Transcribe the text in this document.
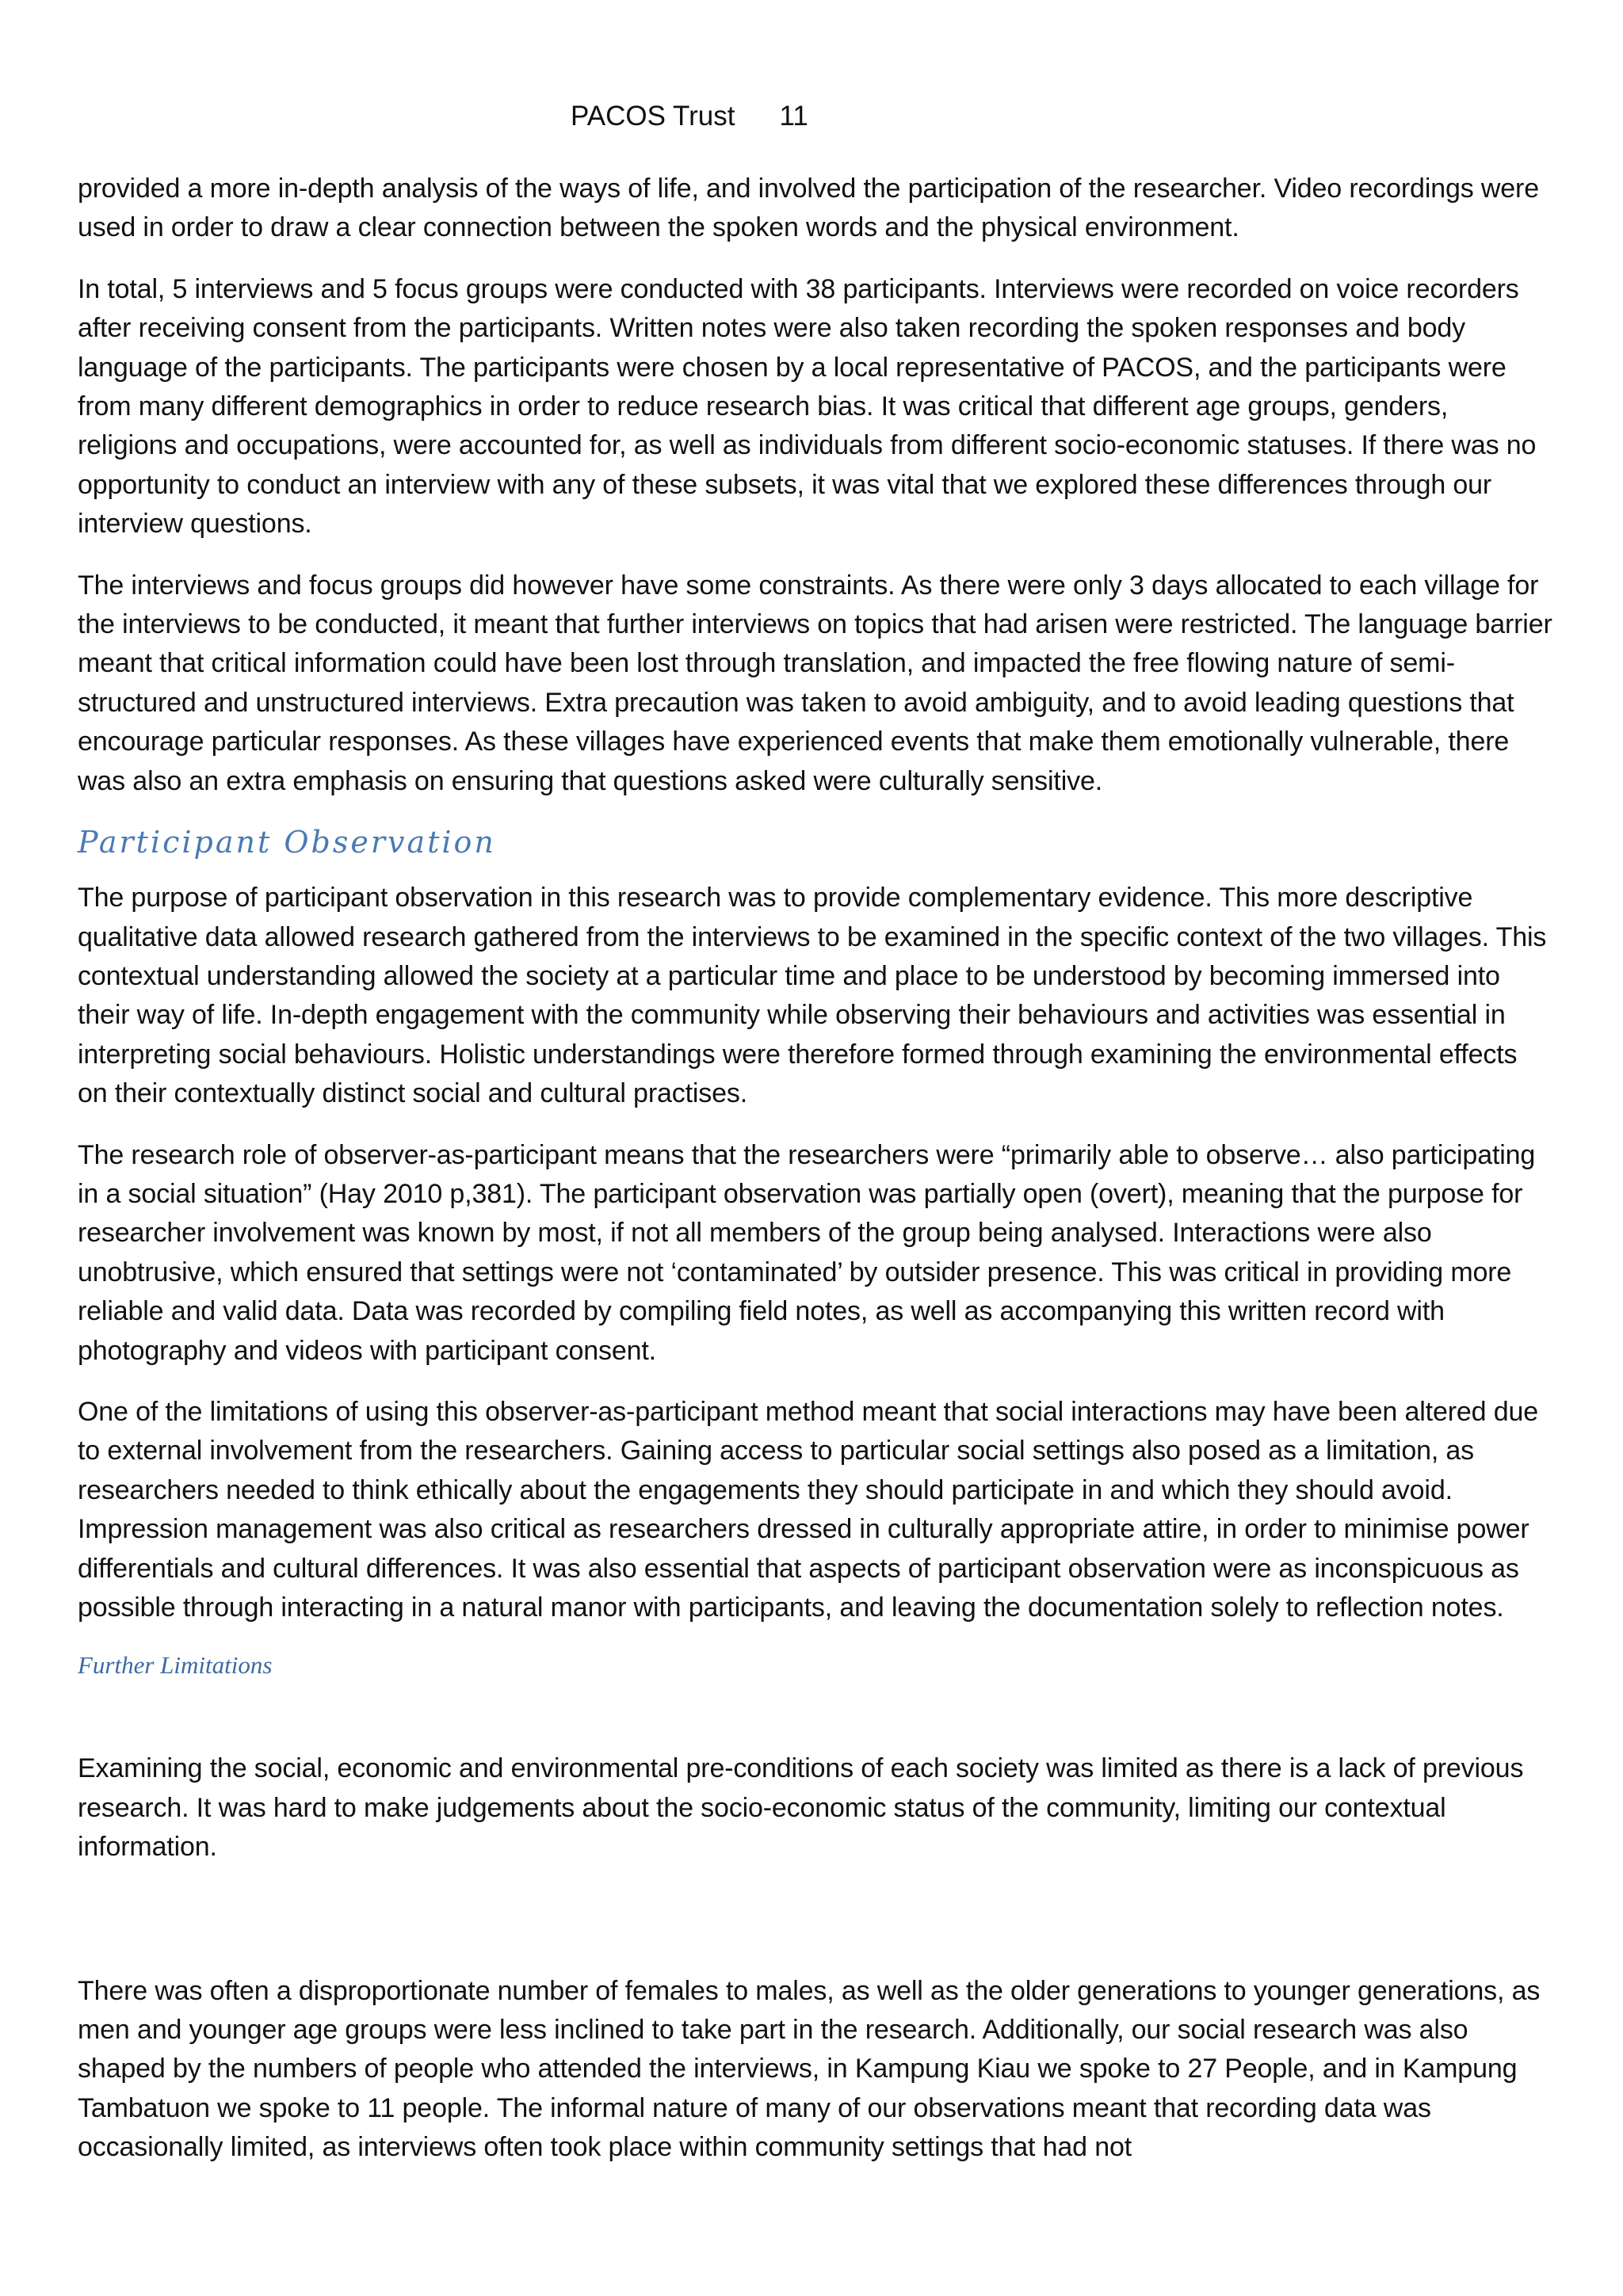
PACOS Trust 11

provided a more in-depth analysis of the ways of life, and involved the participation of the researcher. Video recordings were used in order to draw a clear connection between the spoken words and the physical environment.

In total, 5 interviews and 5 focus groups were conducted with 38 participants. Interviews were recorded on voice recorders after receiving consent from the participants. Written notes were also taken recording the spoken responses and body language of the participants. The participants were chosen by a local representative of PACOS, and the participants were from many different demographics in order to reduce research bias. It was critical that different age groups, genders, religions and occupations, were accounted for, as well as individuals from different socio-economic statuses. If there was no opportunity to conduct an interview with any of these subsets, it was vital that we explored these differences through our interview questions.

The interviews and focus groups did however have some constraints. As there were only 3 days allocated to each village for the interviews to be conducted, it meant that further interviews on topics that had arisen were restricted. The language barrier meant that critical information could have been lost through translation, and impacted the free flowing nature of semi-structured and unstructured interviews. Extra precaution was taken to avoid ambiguity, and to avoid leading questions that encourage particular responses. As these villages have experienced events that make them emotionally vulnerable, there was also an extra emphasis on ensuring that questions asked were culturally sensitive.

Participant Observation

The purpose of participant observation in this research was to provide complementary evidence. This more descriptive qualitative data allowed research gathered from the interviews to be examined in the specific context of the two villages. This contextual understanding allowed the society at a particular time and place to be understood by becoming immersed into their way of life. In-depth engagement with the community while observing their behaviours and activities was essential in interpreting social behaviours. Holistic understandings were therefore formed through examining the environmental effects on their contextually distinct social and cultural practises.

The research role of observer-as-participant means that the researchers were “primarily able to observe… also participating in a social situation” (Hay 2010 p,381). The participant observation was partially open (overt), meaning that the purpose for researcher involvement was known by most, if not all members of the group being analysed. Interactions were also unobtrusive, which ensured that settings were not ‘contaminated’ by outsider presence. This was critical in providing more reliable and valid data. Data was recorded by compiling field notes, as well as accompanying this written record with photography and videos with participant consent.

One of the limitations of using this observer-as-participant method meant that social interactions may have been altered due to external involvement from the researchers. Gaining access to particular social settings also posed as a limitation, as researchers needed to think ethically about the engagements they should participate in and which they should avoid. Impression management was also critical as researchers dressed in culturally appropriate attire, in order to minimise power differentials and cultural differences. It was also essential that aspects of participant observation were as inconspicuous as possible through interacting in a natural manor with participants, and leaving the documentation solely to reflection notes.

Further Limitations

Examining the social, economic and environmental pre-conditions of each society was limited as there is a lack of previous research. It was hard to make judgements about the socio-economic status of the community, limiting our contextual information.

There was often a disproportionate number of females to males, as well as the older generations to younger generations, as men and younger age groups were less inclined to take part in the research. Additionally, our social research was also shaped by the numbers of people who attended the interviews, in Kampung Kiau we spoke to 27 People, and in Kampung Tambatuon we spoke to 11 people. The informal nature of many of our observations meant that recording data was occasionally limited, as interviews often took place within community settings that had not
